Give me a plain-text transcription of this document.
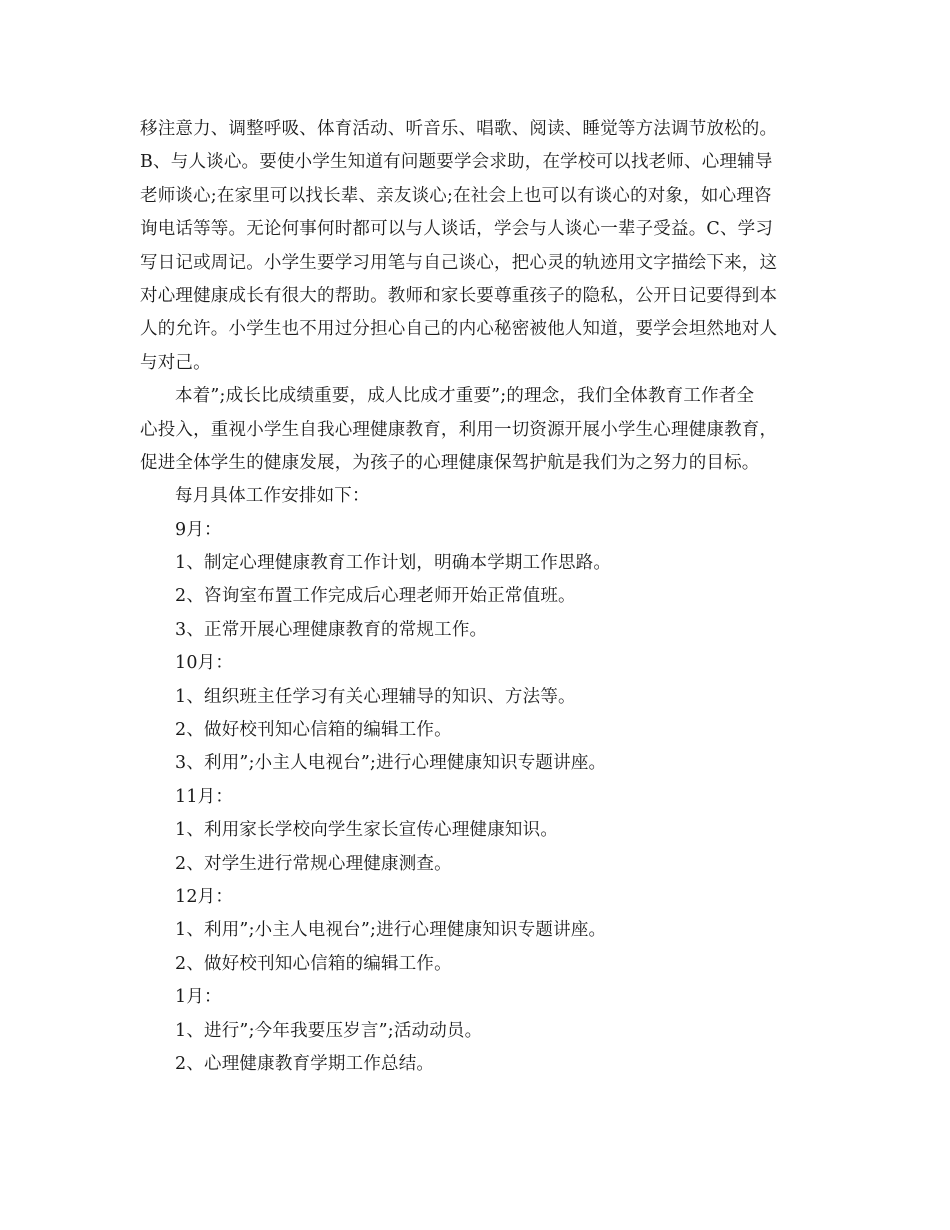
移注意力、调整呼吸、体育活动、听音乐、唱歌、阅读、睡觉等方法调节放松的。
B、与人谈心。要使小学生知道有问题要学会求助，在学校可以找老师、心理辅导
老师谈心;在家里可以找长辈、亲友谈心;在社会上也可以有谈心的对象，如心理咨
询电话等等。无论何事何时都可以与人谈话，学会与人谈心一辈子受益。C、学习
写日记或周记。小学生要学习用笔与自己谈心，把心灵的轨迹用文字描绘下来，这
对心理健康成长有很大的帮助。教师和家长要尊重孩子的隐私，公开日记要得到本
人的允许。小学生也不用过分担心自己的内心秘密被他人知道，要学会坦然地对人
与对己。
本着”;成长比成绩重要，成人比成才重要”;的理念，我们全体教育工作者全
心投入，重视小学生自我心理健康教育，利用一切资源开展小学生心理健康教育，
促进全体学生的健康发展，为孩子的心理健康保驾护航是我们为之努力的目标。
每月具体工作安排如下：
9月：
1、制定心理健康教育工作计划，明确本学期工作思路。
2、咨询室布置工作完成后心理老师开始正常值班。
3、正常开展心理健康教育的常规工作。
10月：
1、组织班主任学习有关心理辅导的知识、方法等。
2、做好校刊知心信箱的编辑工作。
3、利用”;小主人电视台”;进行心理健康知识专题讲座。
11月：
1、利用家长学校向学生家长宣传心理健康知识。
2、对学生进行常规心理健康测查。
12月：
1、利用”;小主人电视台”;进行心理健康知识专题讲座。
2、做好校刊知心信箱的编辑工作。
1月：
1、进行”;今年我要压岁言”;活动动员。
2、心理健康教育学期工作总结。
